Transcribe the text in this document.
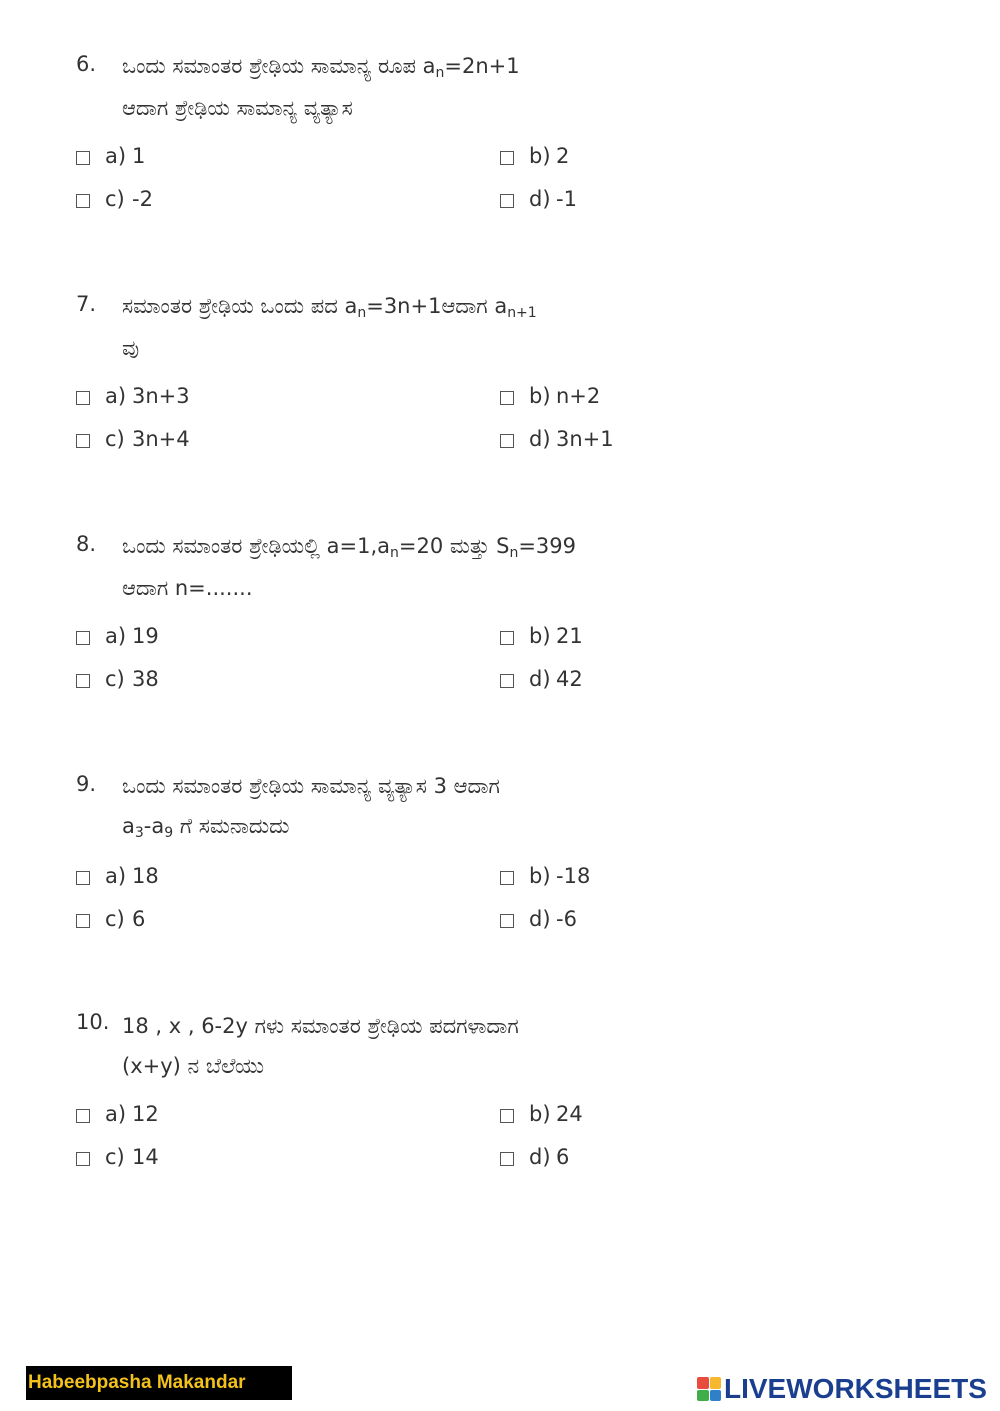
6. ಒಂದು ಸಮಾಂತರ ಶ್ರೇಢಿಯ ಸಾಮಾನ್ಯ ರೂಪ $a_n=2n+1$
ಆದಾಗ ಶ್ರೇಢಿಯ ಸಾಮಾನ್ಯ ವ್ಯತ್ಯಾಸ
a) 1	b) 2
c) -2	d) -1
7. ಸಮಾಂತರ ಶ್ರೇಢಿಯ ಒಂದು ಪದ $a_n=3n+1ಆದಾಗ$ $a_{n+1}$
ವು
a) 3n+3	b) n+2
c) 3n+4	d) 3n+1
8. ಒಂದು ಸಮಾಂತರ ಶ್ರೇಢಿಯಲ್ಲಿ $a=1,a_n=20$ ಮತ್ತು $S_n=399$
ಆದಾಗ n=.......
a) 19	b) 21
c) 38	d) 42
9. ಒಂದು ಸಮಾಂತರ ಶ್ರೇಢಿಯ ಸಾಮಾನ್ಯ ವ್ಯತ್ಯಾಸ 3 ಆದಾಗ
$a_3-a_9$ ಗೆ ಸಮನಾದುದು
a) 18	b) -18
c) 6	d) -6
10. 18 , x , 6-2y ಗಳು ಸಮಾಂತರ ಶ್ರೇಢಿಯ ಪದಗಳಾದಾಗ
(x+y) ನ ಬೆಲೆಯು
a) 12	b) 24
c) 14	d) 6
Habeebpasha Makandar	LIVEWORKSHEETS
